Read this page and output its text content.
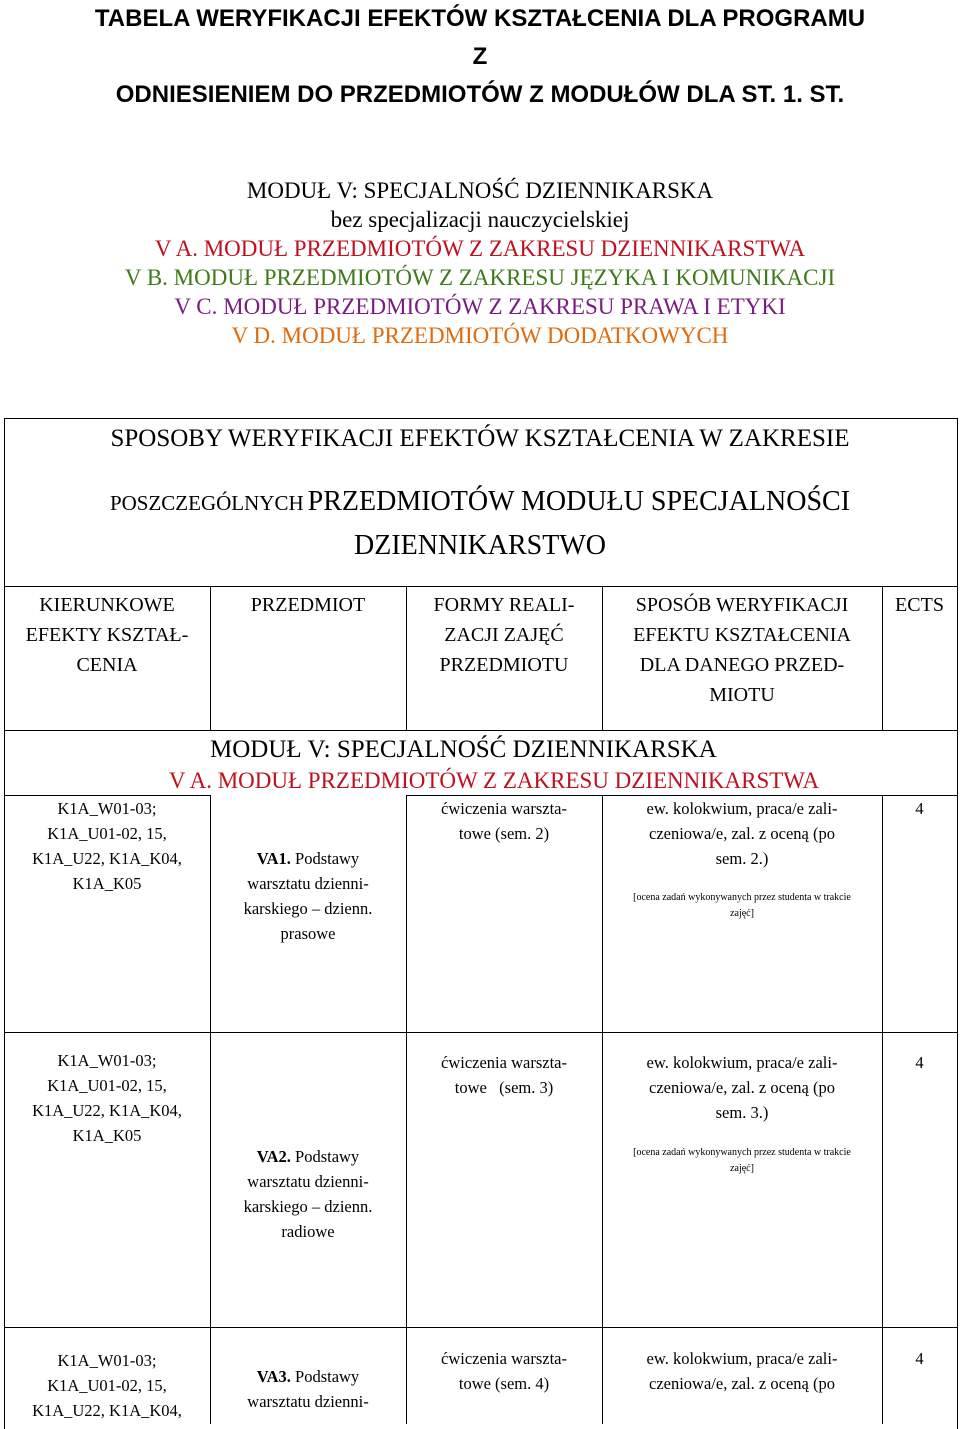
TABELA WERYFIKACJI EFEKTÓW KSZTAŁCENIA DLA PROGRAMU
Z
ODNIESIENIEM DO PRZEDMIOTÓW Z MODUŁÓW DLA ST. 1. ST.
MODUŁ V: SPECJALNOŚĆ DZIENNIKARSKA
bez specjalizacji nauczycielskiej
V A. MODUŁ PRZEDMIOTÓW Z ZAKRESU DZIENNIKARSTWA
V B. MODUŁ PRZEDMIOTÓW Z ZAKRESU JĘZYKA I KOMUNIKACJI
V C. MODUŁ PRZEDMIOTÓW Z ZAKRESU PRAWA I ETYKI
V D. MODUŁ PRZEDMIOTÓW DODATKOWYCH
SPOSOBY WERYFIKACJI EFEKTÓW KSZTAŁCENIA W ZAKRESIE
POSZCZEGÓLNYCH PRZEDMIOTÓW MODUŁU SPECJALNOŚCI
DZIENNIKARSTWO
KIERUNKOWE
EFEKTY KSZTAŁ-
CENIA
PRZEDMIOT	FORMY REALI-
ZACJI ZAJĘĆ
PRZEDMIOTU
SPOSÓB WERYFIKACJI
EFEKTU KSZTAŁCENIA
DLA DANEGO PRZED-
MIOTU
ECTS
MODUŁ V: SPECJALNOŚĆ DZIENNIKARSKA
V A. MODUŁ PRZEDMIOTÓW Z ZAKRESU DZIENNIKARSTWA
K1A_W01-03;
K1A_U01-02, 15,
K1A_U22, K1A_K04,
K1A_K05
VA1. Podstawy
warsztatu dzienni-
karskiego – dzienn.
prasowe
ćwiczenia warszta-
towe (sem. 2)
ew. kolokwium, praca/e zali-
czeniowa/e, zal. z oceną (po
sem. 2.)
[ocena zadań wykonywanych przez studenta w trakcie
zajęć]
4
K1A_W01-03;
K1A_U01-02, 15,
K1A_U22, K1A_K04,
K1A_K05
VA2. Podstawy
warsztatu dzienni-
karskiego – dzienn.
radiowe
ćwiczenia warszta-
towe   (sem. 3)
ew. kolokwium, praca/e zali-
czeniowa/e, zal. z oceną (po
sem. 3.)
[ocena zadań wykonywanych przez studenta w trakcie
zajęć]
4
K1A_W01-03;
K1A_U01-02, 15,
K1A_U22, K1A_K04,
VA3. Podstawy
warsztatu dzienni-
ćwiczenia warszta-
towe (sem. 4)
ew. kolokwium, praca/e zali-
czeniowa/e, zal. z oceną (po
4
